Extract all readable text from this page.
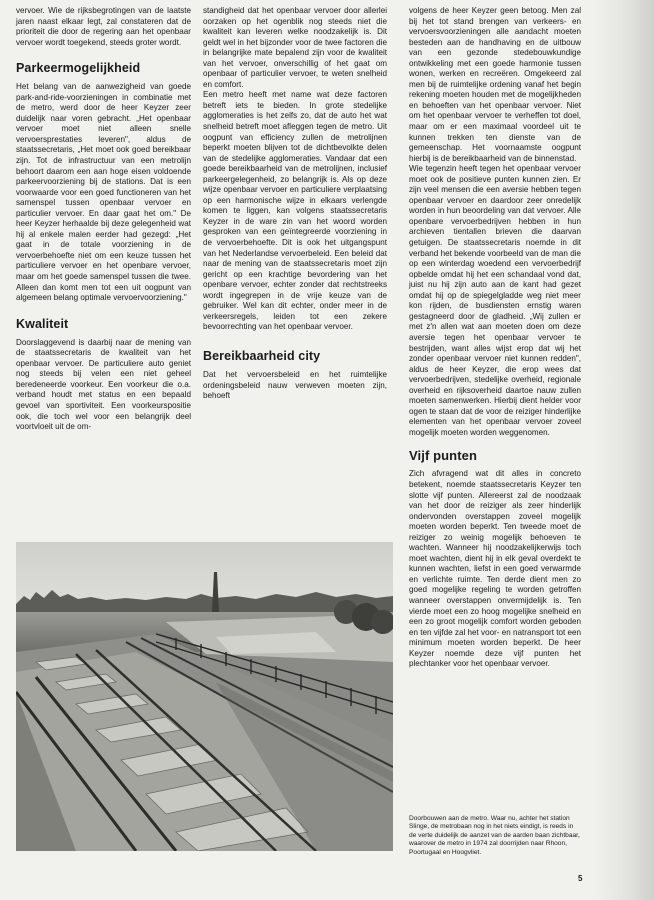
vervoer. Wie de rijksbegrotingen van de laatste jaren naast elkaar legt, zal constateren dat de prioriteit die door de regering aan het openbaar vervoer wordt toegekend, steeds groter wordt.

Parkeermogelijkheid

Het belang van de aanwezigheid van goede park-and-ride-voorzieningen in combinatie met de metro, werd door de heer Keyzer zeer duidelijk naar voren gebracht. „Het openbaar vervoer moet niet alleen snelle vervoersprestaties leveren", aldus de staatssecretaris, „Het moet ook goed bereikbaar zijn. Tot de infrastructuur van een metrolijn behoort daarom een aan hoge eisen voldoende parkeervoorziening bij de stations. Dat is een voorwaarde voor een goed functioneren van het samenspel tussen openbaar vervoer en particulier vervoer. En daar gaat het om." De heer Keyzer herhaalde bij deze gelegenheid wat hij al enkele malen eerder had gezegd: „Het gaat in de totale voorziening in de vervoerbehoefte niet om een keuze tussen het particuliere vervoer en het openbare vervoer, maar om het goede samenspel tussen die twee. Alleen dan komt men tot een uit oogpunt van algemeen belang optimale vervoervoorziening."

Kwaliteit

Doorslaggevend is daarbij naar de mening van de staatssecretaris de kwaliteit van het openbaar vervoer. De particuliere auto geniet nog steeds bij velen een niet geheel beredeneerde voorkeur. Een voorkeur die o.a. verband houdt met status en een bepaald gevoel van sportiviteit. Een voorkeurspositie ook, die toch wel voor een belangrijk deel voortvloeit uit de om-

standigheid dat het openbaar vervoer door allerlei oorzaken op het ogenblik nog steeds niet die kwaliteit kan leveren welke noodzakelijk is. Dit geldt wel in het bijzonder voor de twee factoren die in belangrijke mate bepalend zijn voor de kwaliteit van het vervoer, onverschillig of het gaat om openbaar of particulier vervoer, te weten snelheid en comfort.

Een metro heeft met name wat deze factoren betreft iets te bieden. In grote stedelijke agglomeraties is het zelfs zo, dat de auto het wat snelheid betreft moet afleggen tegen de metro. Uit oogpunt van efficiency zullen de metrolijnen beperkt moeten blijven tot de dichtbevolkte delen van de stedelijke agglomeraties. Vandaar dat een goede bereikbaarheid van de metrolijnen, inclusief parkeergelegenheid, zo belangrijk is. Als op deze wijze openbaar vervoer en particuliere verplaatsing op een harmonische wijze in elkaars verlengde komen te liggen, kan volgens staatssecretaris Keyzer in de ware zin van het woord worden gesproken van een geïntegreerde voorziening in de vervoerbehoefte. Dit is ook het uitgangspunt van het Nederlandse vervoerbeleid. Een beleid dat naar de mening van de staatssecretaris moet zijn gericht op een krachtige bevordering van het openbare vervoer, echter zonder dat rechtstreeks wordt ingegrepen in de vrije keuze van de gebruiker. Wel kan dit echter, onder meer in de verkeersregels, leiden tot een zekere bevoorrechting van het openbaar vervoer.

Bereikbaarheid city

Dat het vervoersbeleid en het ruimtelijke ordeningsbeleid nauw verweven moeten zijn, behoeft

volgens de heer Keyzer geen betoog. Men zal bij het tot stand brengen van verkeers- en vervoersvoorzieningen alle aandacht moeten besteden aan de handhaving en de uitbouw van een gezonde stedebouwkundige ontwikkeling met een goede harmonie tussen wonen, werken en recreëren. Omgekeerd zal men bij de ruimtelijke ordening vanaf het begin rekening moeten houden met de mogelijkheden en behoeften van het openbaar vervoer. Niet om het openbaar vervoer te verheffen tot doel, maar om er een maximaal voordeel uit te kunnen trekken ten dienste van de gemeenschap. Het voornaamste oogpunt hierbij is de bereikbaarheid van de binnenstad.

Wie tegenzin heeft tegen het openbaar vervoer moet ook de positieve punten kunnen zien. Er zijn veel mensen die een aversie hebben tegen openbaar vervoer en daardoor zeer onredelijk worden in hun beoordeling van dat vervoer. Alle openbare vervoerbedrijven hebben in hun archieven tientallen brieven die daarvan getuigen. De staatssecretaris noemde in dit verband het bekende voorbeeld van de man die op een winterdag woedend een vervoerbedrijf opbelde omdat hij het een schandaal vond dat, juist nu hij zijn auto aan de kant had gezet omdat hij op de spiegelgladde weg niet meer kon rijden, de busdiensten ernstig waren gestagneerd door de gladheid. „Wij zullen er met z'n allen wat aan moeten doen om deze aversie tegen het openbaar vervoer te bestrijden, want alles wijst erop dat wij het zonder openbaar vervoer niet kunnen redden", aldus de heer Keyzer, die erop wees dat vervoerbedrijven, stedelijke overheid, regionale overheid en rijksoverheid daartoe nauw zullen moeten samenwerken. Hierbij dient helder voor ogen te staan dat de voor de reiziger hinderlijke elementen van het openbaar vervoer zoveel mogelijk moeten worden weggenomen.

Vijf punten

Zich afvragend wat dit alles in concreto betekent, noemde staatssecretaris Keyzer ten slotte vijf punten. Allereerst zal de noodzaak van het door de reiziger als zeer hinderlijk ondervonden overstappen zoveel mogelijk moeten worden beperkt. Ten tweede moet de reiziger zo weinig mogelijk behoeven te wachten. Wanneer hij noodzakelijkerwijs toch moet wachten, dient hij in elk geval overdekt te kunnen wachten, liefst in een goed verwarmde en verlichte ruimte. Ten derde dient men zo goed mogelijke regeling te worden getroffen wanneer overstappen onvermijdelijk is. Ten vierde moet een zo hoog mogelijke snelheid en een zo groot mogelijk comfort worden geboden en ten vijfde zal het voor- en natransport tot een minimum moeten worden beperkt. De heer Keyzer noemde deze vijf punten het plechtanker voor het openbaar vervoer.

Doorbouwen aan de metro. Waar nu, achter het station Slinge, de metrobaan nog in het niets eindigt, is reeds in de verte duidelijk de aanzet van de aarden baan zichtbaar, waarover de metro in 1974 zal doorrijden naar Rhoon, Poortugaal en Hoogvliet.
5
